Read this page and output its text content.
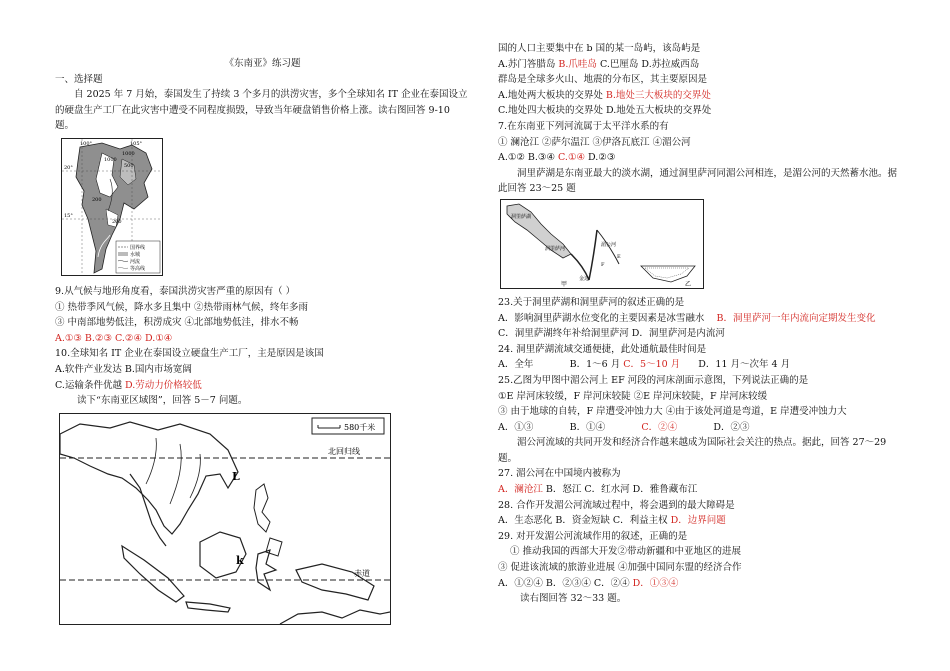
《东南亚》练习题
一、选择题
自 2025 年 7 月始，泰国发生了持续 3 个多月的洪涝灾害，多个全球知名 IT 企业在泰国设立的硬盘生产工厂在此灾害中遭受不同程度损毁，导致当年硬盘销售价格上涨。读右图回答 9-10 题。
100°	105°
20°
15°
1000
200
500
1000
200
国界线
水城
河流
等高线
9.从气候与地形角度看，泰国洪涝灾害严重的原因有（ ）
① 热带季风气候，降水多且集中 ②热带雨林气候，终年多雨
③ 中南部地势低洼，积涝成灾 ④北部地势低洼，排水不畅
A.①③ B.②③ C.②④ D.①④
10.全球知名 IT 企业在泰国设立硬盘生产工厂，主是原因是该国
A.软件产业发达 B.国内市场宽阔
C.运输条件优越 D.劳动力价格较低
读下“东南亚区域图”，回答 5－7 问题。
580千米
北回归线
L
k
赤道
国的人口主要集中在 b 国的某一岛屿，该岛屿是
A.苏门答腊岛 B.爪哇岛 C.巴厘岛 D.苏拉威西岛
群岛是全球多火山、地震的分布区，其主要原因是
A.地处两大板块的交界处 B.地处三大板块的交界处
C.地处四大板块的交界处 D.地处五大板块的交界处
7.在东南亚下列河流属于太平洋水系的有
① 澜沧江 ②萨尔温江 ③伊洛瓦底江 ④湄公河
A.①② B.③④ C.①④ D.②③
洞里萨湖是东南亚最大的淡水湖，通过洞里萨河同湄公河相连，是湄公河的天然蓄水池。据此回答 23～25 题
洞里萨湖
洞里萨河
湄公河
金边
甲
E
F
乙
23.关于洞里萨湖和洞里萨河的叙述正确的是
A．影响洞里萨湖水位变化的主要因素是冰雪融水 B．洞里萨河一年内流向定期发生变化
C．洞里萨湖终年补给洞里萨河 D．洞里萨河是内流河
24. 洞里萨湖流域交通便捷，此处通航最佳时间是
A．全年	B．1～6 月 C．5～10 月 D．11 月～次年 4 月
25.乙图为甲图中湄公河上 EF 河段的河床剖面示意图，下列说法正确的是
①E 岸河床较缓，F 岸河床较陡 ②E 岸河床较陡，F 岸河床较缓
③ 由于地球的自转，F 岸遭受冲蚀力大 ④由于该处河道是弯道，E 岸遭受冲蚀力大
A．①③	B．①④	C．②④	D．②③
湄公河流域的共同开发和经济合作越来越成为国际社会关注的热点。据此，回答 27～29 题。
27. 湄公河在中国境内被称为
A．澜沧江 B．怒江 C．红水河 D．雅鲁藏布江
28. 合作开发湄公河流域过程中，将会遇到的最大障碍是
A．生态恶化 B．资金短缺 C．利益主权 D．边界问题
29. 对开发湄公河流域作用的叙述，正确的是
① 推动我国的西部大开发②带动新疆和中亚地区的进展
③ 促进该流域的旅游业进展 ④加强中国同东盟的经济合作
A．①②④ B．②③④ C．②④ D．①③④
读右图回答 32～33 题。
